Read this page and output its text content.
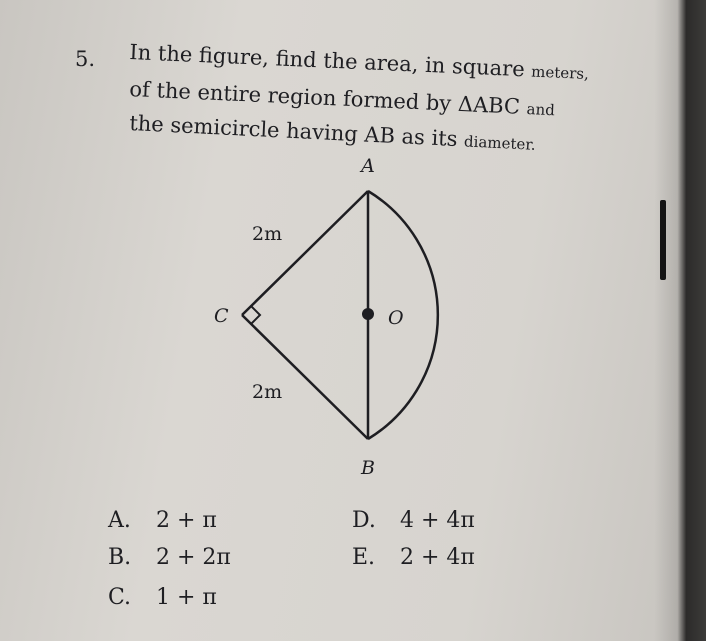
5. In the figure, find the area, in square meters,
of the entire region formed by ΔABC and
the semicircle having AB as its diameter.
A
B
C	O
2m
2m
A. 2 + π
B. 2 + 2π
C. 1 + π
D. 4 + 4π
E. 2 + 4π
